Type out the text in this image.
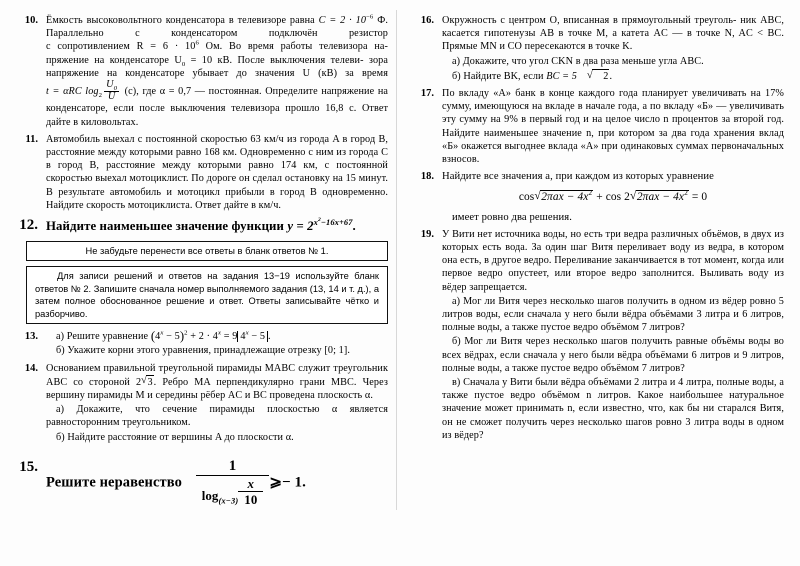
10. Ёмкость высоковольтного конденсатора в телевизоре равна $C = 2 \cdot 10^{-6}$ Ф. Параллельно с конденсатором подключён резистор с сопротивлением $R = 6 \cdot 10^6$ Ом. Во время работы телевизора на- пряжение на конденсаторе $U_0 = 10$ кВ. После выключения телеви- зора напряжение на конденсаторе убывает до значения U (кВ) за время t = αRC $\log_2 \frac{U_0}{U} (с)$, где α = 0,7 — постоянная. Определите напряжение на конденсаторе, если после выключения телевизора прошло 16,8 с. Ответ дайте в киловольтах.
11. Автомобиль выехал с постоянной скоростью 63 км/ч из города A в город B, расстояние между которыми равно 168 км. Одновременно с ним из города C в город B, расстояние между которыми равно 174 км, с постоянной скоростью выехал мотоциклист. По дороге он сделал остановку на 15 минут. В результате автомобиль и мотоцикл прибыли в город B одновременно. Найдите скорость мотоциклиста. Ответ дайте в км/ч.
12. Найдите наименьшее значение функции $y = 2^{x^2-16x+67}$.

Не забудьте перенести все ответы в бланк ответов № 1.

Для записи решений и ответов на задания 13−19 используйте бланк ответов № 2. Запишите сначала номер выполняемого задания (13, 14 и т. д.), а затем полное обоснованное решение и ответ. Ответы записывайте чётко и разборчиво.

13.	а) Решите уравнение $(4^x - 5)^2 + 2 \cdot 4^x = 9$ $4^x - 5$ .
б) Укажите корни этого уравнения, принадлежащие отрезку [0; 1].
14. Основанием правильной треугольной пирамиды MABC служит треугольник ABC со стороной 2 √ 3. Ребро MA перпендикулярно грани MBC. Через вершину пирамиды M и середины рёбер AC и BC проведена плоскость α.
а) Докажите, что сечение пирамиды плоскостью α является равносторонним треугольником.
б) Найдите расстояние от вершины A до плоскости α.
15.
Решите неравенство $\frac{1}{\log_{(x-3)} \frac{x}{10}}$ ⩾− 1.
16. Окружность с центром O, вписанная в прямоугольный треуголь- ник ABC, касается гипотенузы AB в точке M, а катета AC — в точке N, AC < BC. Прямые MN и CO пересекаются в точке K.
а) Докажите, что угол CKN в два раза меньше угла ABC.
б) Найдите BK, если BC = 5	√ 2.
17. По вкладу «А» банк в конце каждого года планирует увеличивать на 17% сумму, имеющуюся на вкладе в начале года, а по вкладу «Б» — увеличивать эту сумму на 9% в первый год и на целое число n процентов за второй год. Найдите наименьшее значение n, при котором за два года хранения вклад «Б» окажется выгоднее вклада «А» при одинаковых суммах первоначальных взносов.
18. Найдите все значения a, при каждом из которых уравнение
cos √ $2\pi ax - 4x^2 + \cos 2$ √ $2\pi ax - 4x^2 = 0$
имеет ровно два решения.
19. У Вити нет источника воды, но есть три ведра различных объёмов, в двух из которых есть вода. За один шаг Витя переливает воду из ведра, в котором она есть, в другое ведро. Переливание заканчивается в тот момент, когда или первое ведро опустеет, или второе ведро заполнится. Выливать воду из вёдер запрещается.
а) Мог ли Витя через несколько шагов получить в одном из вёдер ровно 5 литров воды, если сначала у него были вёдра объёмами 3 литра и 6 литров, полные воды, а также пустое ведро объёмом 7 литров?
б) Мог ли Витя через несколько шагов получить равные объёмы воды во всех вёдрах, если сначала у него были вёдра объёмами 6 литров и 9 литров, полные воды, а также пустое ведро объёмом 7 литров?
в) Сначала у Вити были вёдра объёмами 2 литра и 4 литра, полные воды, а также пустое ведро объёмом n литров. Какое наибольшее натуральное значение может принимать n, если известно, что, как бы ни старался Витя, он не сможет получить через несколько шагов ровно 3 литра воды в одном из вёдер?
